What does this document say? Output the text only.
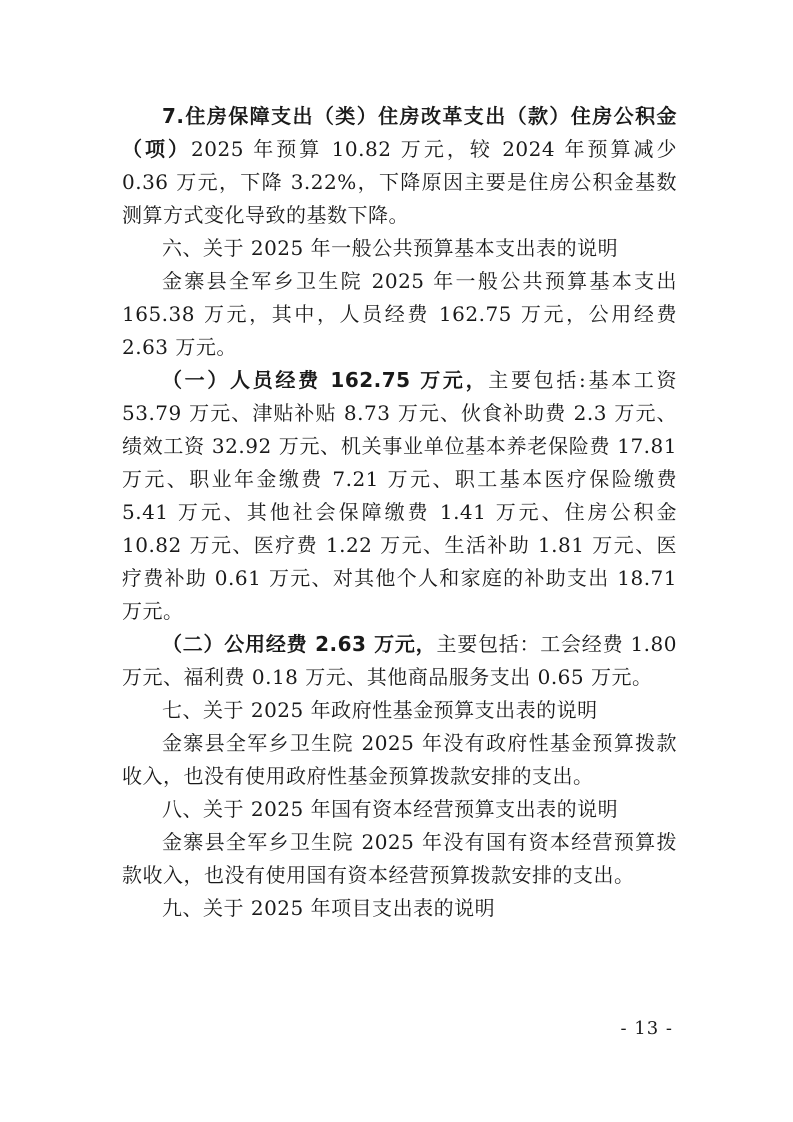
7.住房保障支出（类）住房改革支出（款）住房公积金（项）2025 年预算 10.82 万元，较 2024 年预算减少 0.36 万元，下降 3.22%，下降原因主要是住房公积金基数测算方式变化导致的基数下降。

六、关于 2025 年一般公共预算基本支出表的说明

金寨县全军乡卫生院 2025 年一般公共预算基本支出 165.38 万元，其中，人员经费 162.75 万元，公用经费 2.63 万元。

（一）人员经费 162.75 万元，主要包括:基本工资 53.79 万元、津贴补贴 8.73 万元、伙食补助费 2.3 万元、绩效工资 32.92 万元、机关事业单位基本养老保险费 17.81 万元、职业年金缴费 7.21 万元、职工基本医疗保险缴费 5.41 万元、其他社会保障缴费 1.41 万元、住房公积金 10.82 万元、医疗费 1.22 万元、生活补助 1.81 万元、医疗费补助 0.61 万元、对其他个人和家庭的补助支出 18.71 万元。

（二）公用经费 2.63 万元，主要包括：工会经费 1.80 万元、福利费 0.18 万元、其他商品服务支出 0.65 万元。

七、关于 2025 年政府性基金预算支出表的说明

金寨县全军乡卫生院 2025 年没有政府性基金预算拨款收入，也没有使用政府性基金预算拨款安排的支出。

八、关于 2025 年国有资本经营预算支出表的说明

金寨县全军乡卫生院 2025 年没有国有资本经营预算拨款收入，也没有使用国有资本经营预算拨款安排的支出。

九、关于 2025 年项目支出表的说明

- 13 -
